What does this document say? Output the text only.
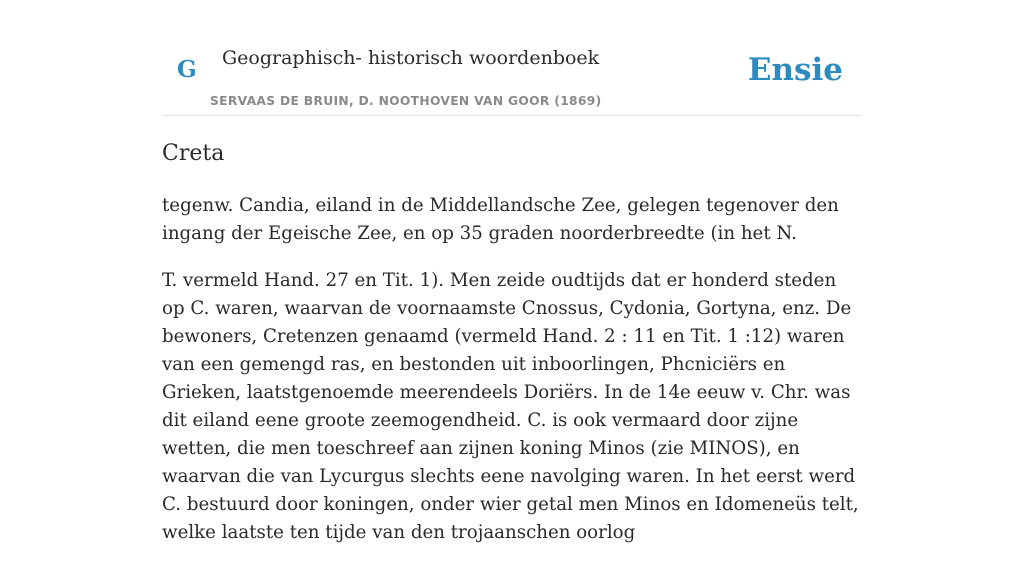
G Geographisch- historisch woordenboek
SERVAAS DE BRUIN, D. NOOTHOVEN VAN GOOR (1869)
Ensie
Creta

tegenw. Candia, eiland in de Middellandsche Zee, gelegen tegenover den ingang der Egeische Zee, en op 35 graden noorderbreedte (in het N.

T. vermeld Hand. 27 en Tit. 1). Men zeide oudtijds dat er honderd steden op C. waren, waarvan de voornaamste Cnossus, Cydonia, Gortyna, enz. De bewoners, Cretenzen genaamd (vermeld Hand. 2 : 11 en Tit. 1 :12) waren van een gemengd ras, en bestonden uit inboorlingen, Phcniciërs en Grieken, laatstgenoemde meerendeels Doriërs. In de 14e eeuw v. Chr. was dit eiland eene groote zeemogendheid. C. is ook vermaard door zijne wetten, die men toeschreef aan zijnen koning Minos (zie MINOS), en waarvan die van Lycurgus slechts eene navolging waren. In het eerst werd C. bestuurd door koningen, onder wier getal men Minos en Idomeneüs telt, welke laatste ten tijde van den trojaanschen oorlog
